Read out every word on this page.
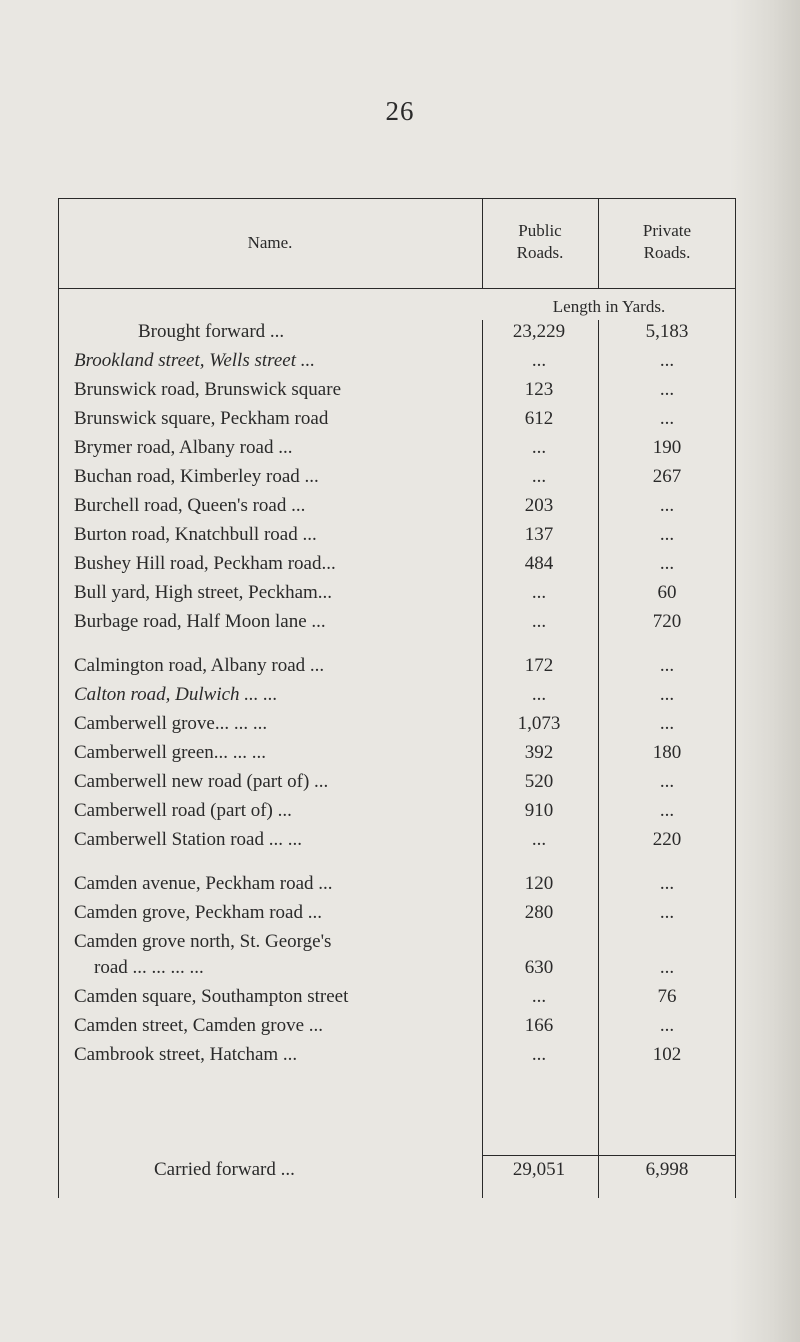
26
Name.
Public
Roads.
Private
Roads.
Length in Yards.
Brought forward ...	23,229	5,183
Brookland street, Wells street ...	...	...
Brunswick road, Brunswick square	123	...
Brunswick square, Peckham road	612	...
Brymer road, Albany road ...	...	190
Buchan road, Kimberley road ...	...	267
Burchell road, Queen's road ...	203	...
Burton road, Knatchbull road ...	137	...
Bushey Hill road, Peckham road...	484	...
Bull yard, High street, Peckham...	...	60
Burbage road, Half Moon lane ...	...	720
Calmington road, Albany road ...	172	...
Calton road, Dulwich ... ...	...	...
Camberwell grove... ... ...	1,073	...
Camberwell green... ... ...	392	180
Camberwell new road (part of) ...	520	...
Camberwell road (part of) ...	910	...
Camberwell Station road ... ...	...	220
Camden avenue, Peckham road ...	120	...
Camden grove, Peckham road ...	280	...
Camden grove north, St. George's
road ... ... ... ...	630	...
Camden square, Southampton street	...	76
Camden street, Camden grove ...	166	...
Cambrook street, Hatcham ...	...	102
Carried forward ...	29,051	6,998
